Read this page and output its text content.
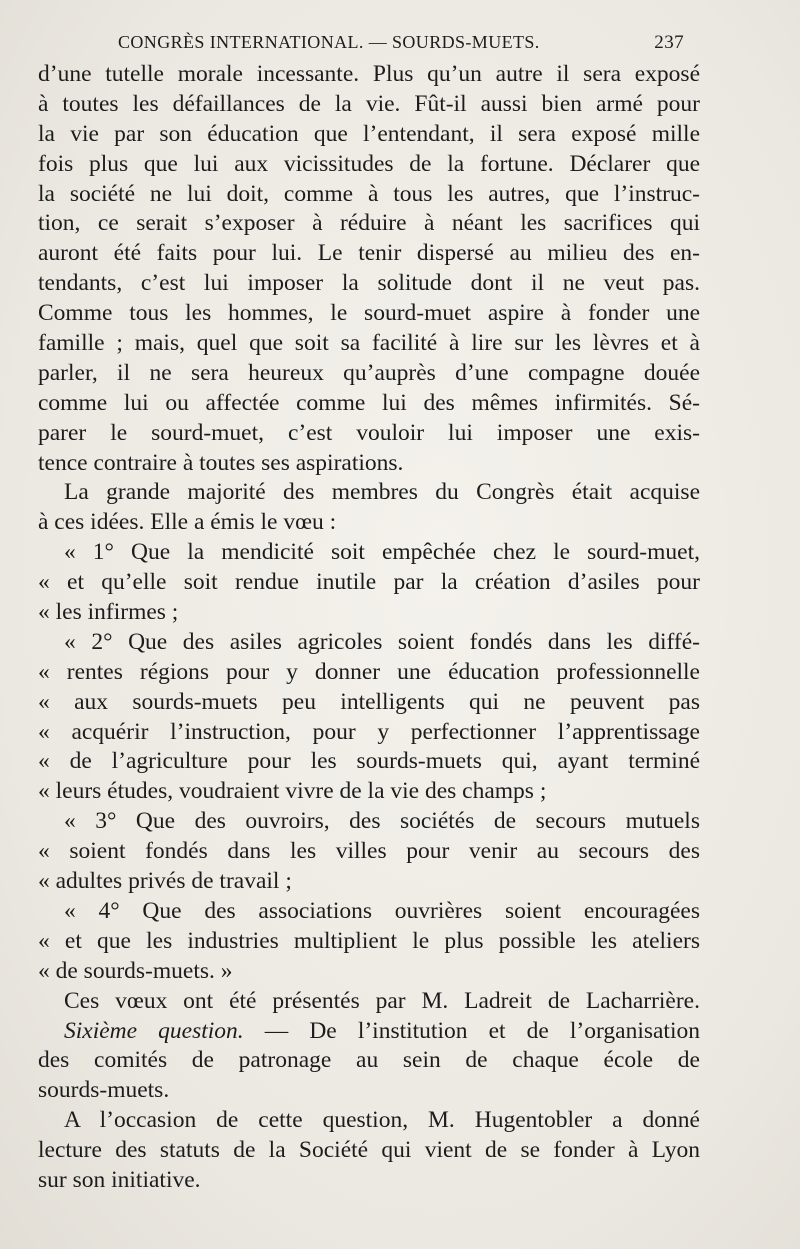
CONGRÈS INTERNATIONAL. — SOURDS-MUETS.	237
d’une tutelle morale incessante. Plus qu’un autre il sera exposé
à toutes les défaillances de la vie. Fût-il aussi bien armé pour
la vie par son éducation que l’entendant, il sera exposé mille
fois plus que lui aux vicissitudes de la fortune. Déclarer que
la société ne lui doit, comme à tous les autres, que l’instruc-
tion, ce serait s’exposer à réduire à néant les sacrifices qui
auront été faits pour lui. Le tenir dispersé au milieu des en-
tendants, c’est lui imposer la solitude dont il ne veut pas.
Comme tous les hommes, le sourd-muet aspire à fonder une
famille ; mais, quel que soit sa facilité à lire sur les lèvres et à
parler, il ne sera heureux qu’auprès d’une compagne douée
comme lui ou affectée comme lui des mêmes infirmités. Sé-
parer le sourd-muet, c’est vouloir lui imposer une exis-
tence contraire à toutes ses aspirations.
La grande majorité des membres du Congrès était acquise
à ces idées. Elle a émis le vœu :
« 1° Que la mendicité soit empêchée chez le sourd-muet,
« et qu’elle soit rendue inutile par la création d’asiles pour
« les infirmes ;
« 2° Que des asiles agricoles soient fondés dans les diffé-
« rentes régions pour y donner une éducation professionnelle
« aux sourds-muets peu intelligents qui ne peuvent pas
« acquérir l’instruction, pour y perfectionner l’apprentissage
« de l’agriculture pour les sourds-muets qui, ayant terminé
« leurs études, voudraient vivre de la vie des champs ;
« 3° Que des ouvroirs, des sociétés de secours mutuels
« soient fondés dans les villes pour venir au secours des
« adultes privés de travail ;
« 4° Que des associations ouvrières soient encouragées
« et que les industries multiplient le plus possible les ateliers
« de sourds-muets. »
Ces vœux ont été présentés par M. Ladreit de Lacharrière.
Sixième question. — De l’institution et de l’organisation
des comités de patronage au sein de chaque école de
sourds-muets.
A l’occasion de cette question, M. Hugentobler a donné
lecture des statuts de la Société qui vient de se fonder à Lyon
sur son initiative.
